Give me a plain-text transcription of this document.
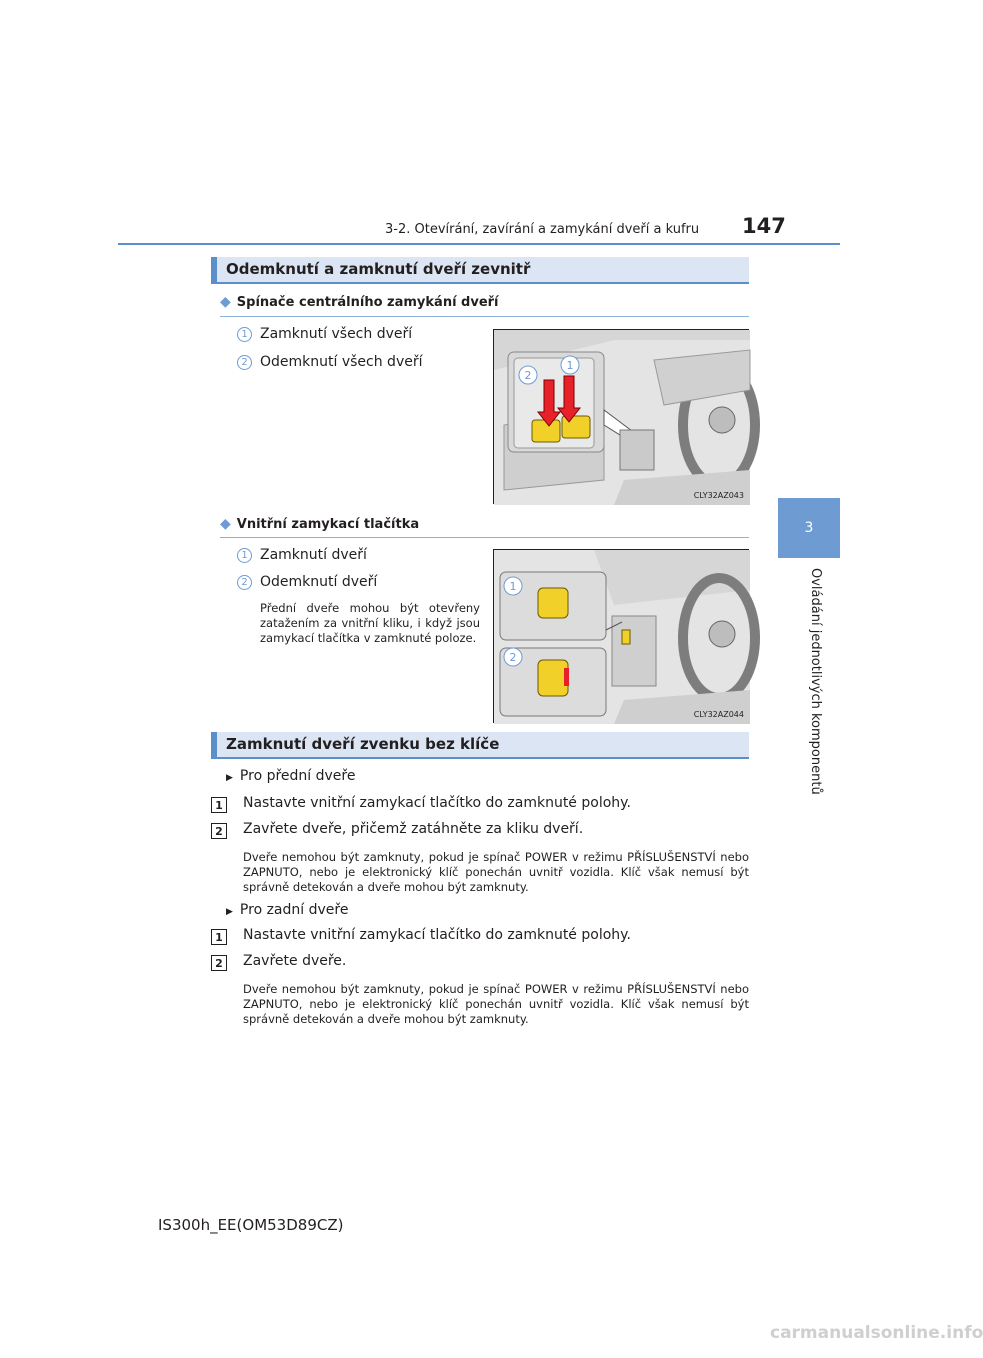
3-2. Otevírání, zavírání a zamykání dveří a kufru 147
3
Ovládání jednotlivých komponentů
Odemknutí a zamknutí dveří zevnitř
◆ Spínače centrálního zamykání dveří
1 Zamknutí všech dveří
2 Odemknutí všech dveří
2
1
CLY32AZ043
◆ Vnitřní zamykací tlačítka
1 Zamknutí dveří
2 Odemknutí dveří
Přední dveře mohou být otevřeny zatažením za vnitřní kliku, i když jsou zamykací tlačítka v zamknuté poloze.
1
2
CLY32AZ044
Zamknutí dveří zvenku bez klíče
▶ Pro přední dveře
1 Nastavte vnitřní zamykací tlačítko do zamknuté polohy.
2 Zavřete dveře, přičemž zatáhněte za kliku dveří.
Dveře nemohou být zamknuty, pokud je spínač POWER v režimu PŘÍSLUŠENSTVÍ nebo ZAPNUTO, nebo je elektronický klíč ponechán uvnitř vozidla. Klíč však nemusí být správně detekován a dveře mohou být zamknuty.
▶ Pro zadní dveře
1 Nastavte vnitřní zamykací tlačítko do zamknuté polohy.
2 Zavřete dveře.
Dveře nemohou být zamknuty, pokud je spínač POWER v režimu PŘÍSLUŠENSTVÍ nebo ZAPNUTO, nebo je elektronický klíč ponechán uvnitř vozidla. Klíč však nemusí být správně detekován a dveře mohou být zamknuty.
IS300h_EE(OM53D89CZ)
carmanualsonline.info
